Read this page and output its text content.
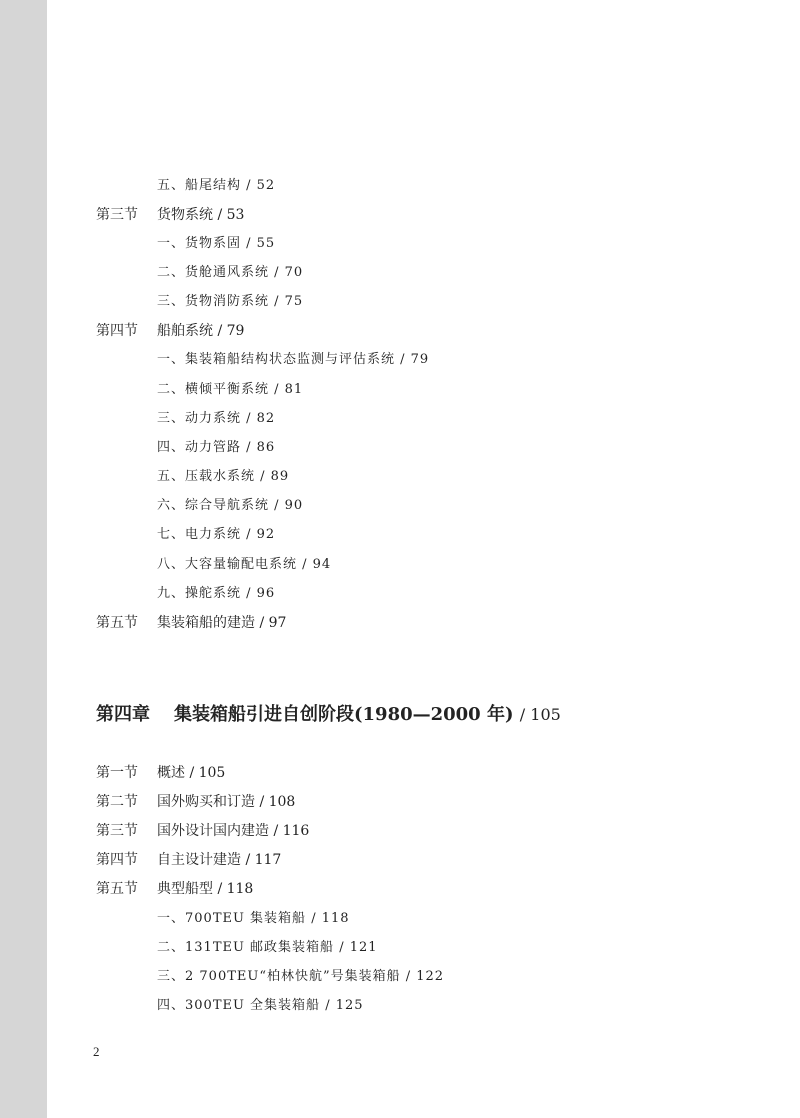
五、船尾结构 / 52
第三节 货物系统 / 53
一、货物系固 / 55
二、货舱通风系统 / 70
三、货物消防系统 / 75
第四节 船舶系统 / 79
一、集装箱船结构状态监测与评估系统 / 79
二、横倾平衡系统 / 81
三、动力系统 / 82
四、动力管路 / 86
五、压载水系统 / 89
六、综合导航系统 / 90
七、电力系统 / 92
八、大容量输配电系统 / 94
九、操舵系统 / 96
第五节 集装箱船的建造 / 97
第四章 集装箱船引进自创阶段(1980—2000 年) / 105
第一节 概述 / 105
第二节 国外购买和订造 / 108
第三节 国外设计国内建造 / 116
第四节 自主设计建造 / 117
第五节 典型船型 / 118
一、700TEU 集装箱船 / 118
二、131TEU 邮政集装箱船 / 121
三、2 700TEU“柏林快航”号集装箱船 / 122
四、300TEU 全集装箱船 / 125
2
